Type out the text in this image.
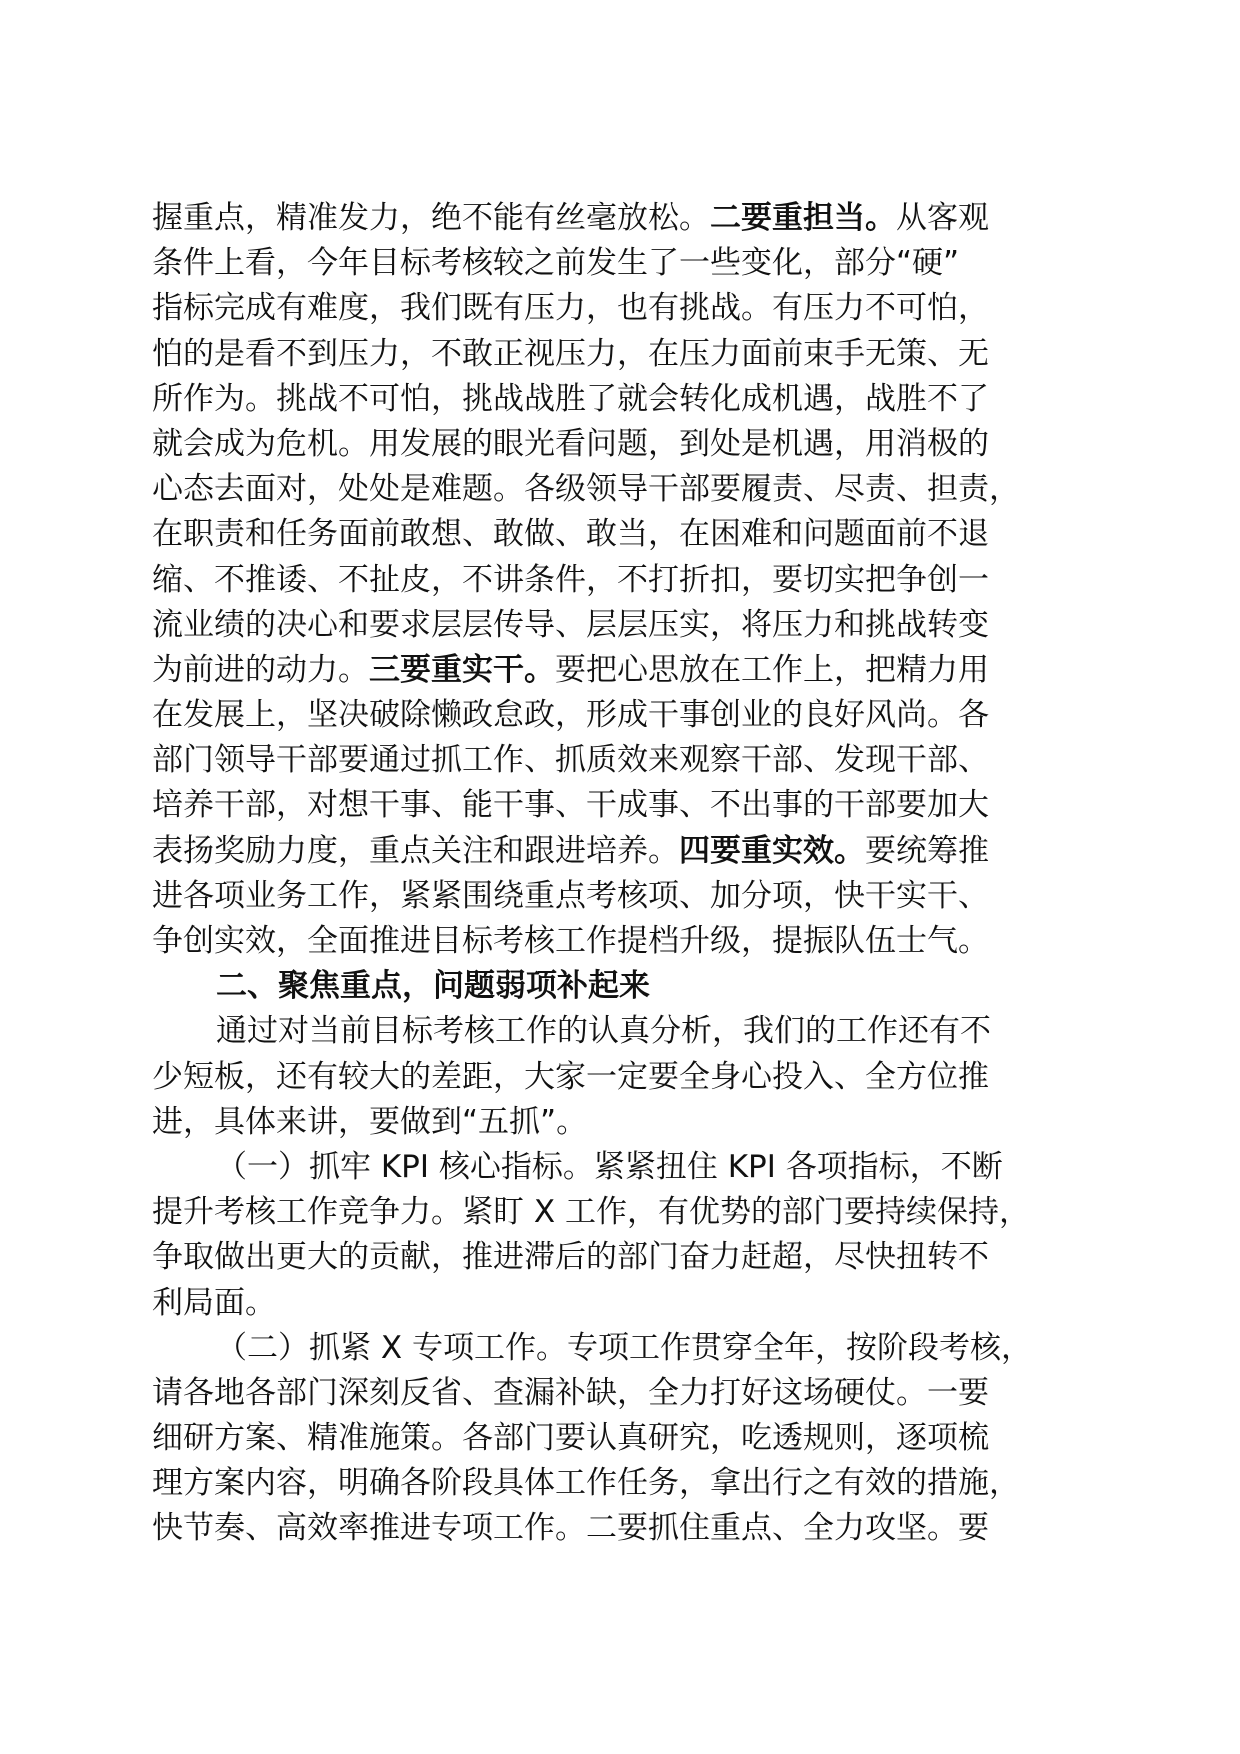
握重点，精准发力，绝不能有丝毫放松。二要重担当。从客观
条件上看，今年目标考核较之前发生了一些变化，部分“硬”
指标完成有难度，我们既有压力，也有挑战。有压力不可怕，
怕的是看不到压力，不敢正视压力，在压力面前束手无策、无
所作为。挑战不可怕，挑战战胜了就会转化成机遇，战胜不了
就会成为危机。用发展的眼光看问题，到处是机遇，用消极的
心态去面对，处处是难题。各级领导干部要履责、尽责、担责，
在职责和任务面前敢想、敢做、敢当，在困难和问题面前不退
缩、不推诿、不扯皮，不讲条件，不打折扣，要切实把争创一
流业绩的决心和要求层层传导、层层压实，将压力和挑战转变
为前进的动力。三要重实干。要把心思放在工作上，把精力用
在发展上，坚决破除懒政怠政，形成干事创业的良好风尚。各
部门领导干部要通过抓工作、抓质效来观察干部、发现干部、
培养干部，对想干事、能干事、干成事、不出事的干部要加大
表扬奖励力度，重点关注和跟进培养。四要重实效。要统筹推
进各项业务工作，紧紧围绕重点考核项、加分项，快干实干、
争创实效，全面推进目标考核工作提档升级，提振队伍士气。
二、聚焦重点，问题弱项补起来
通过对当前目标考核工作的认真分析，我们的工作还有不
少短板，还有较大的差距，大家一定要全身心投入、全方位推
进，具体来讲，要做到“五抓”。
（一）抓牢 KPI 核心指标。紧紧扭住 KPI 各项指标，不断
提升考核工作竞争力。紧盯 X 工作，有优势的部门要持续保持，
争取做出更大的贡献，推进滞后的部门奋力赶超，尽快扭转不
利局面。
（二）抓紧 X 专项工作。专项工作贯穿全年，按阶段考核，
请各地各部门深刻反省、查漏补缺，全力打好这场硬仗。一要
细研方案、精准施策。各部门要认真研究，吃透规则，逐项梳
理方案内容，明确各阶段具体工作任务，拿出行之有效的措施，
快节奏、高效率推进专项工作。二要抓住重点、全力攻坚。要
